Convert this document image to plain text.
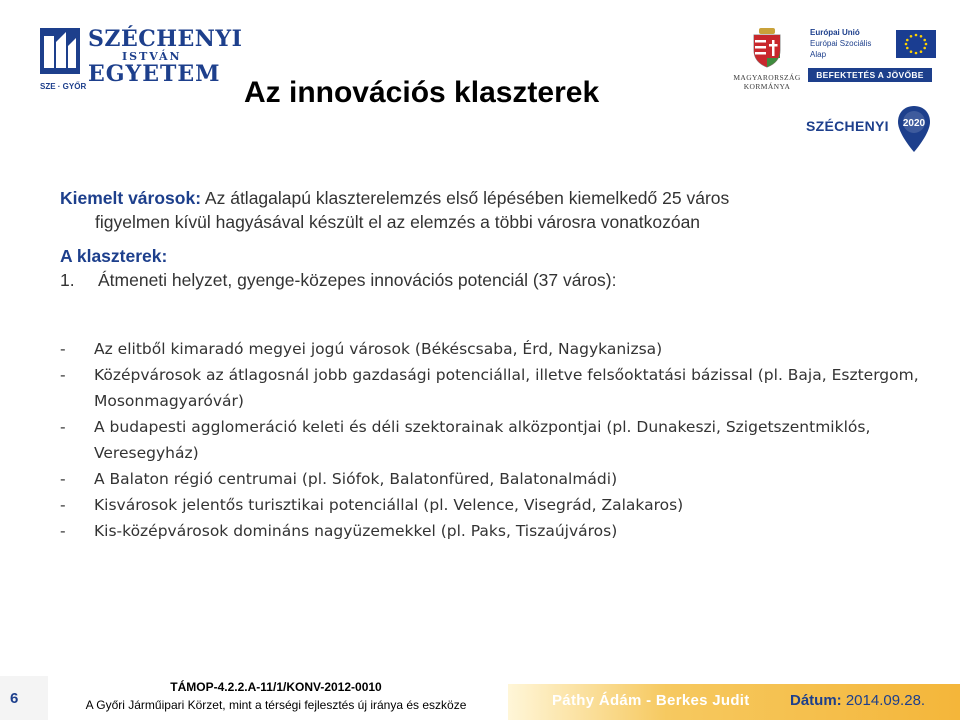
SZÉCHENYI
ISTVÁN
EGYETEM
SZE · GYŐR	Az innovációs klaszterek	MAGYARORSZÁG
KORMÁNYA
Európai Unió
Európai Szociális
Alap
BEFEKTETÉS A JÖVŐBE
SZÉCHENYI 2020
Kiemelt városok: Az átlagalapú klaszterelemzés első lépésében kiemelkedő 25 város
figyelmen kívül hagyásával készült el az elemzés a többi városra vonatkozóan
A klaszterek:
1.	Átmeneti helyzet, gyenge-közepes innovációs potenciál (37 város):
-	Az elitből kimaradó megyei jogú városok (Békéscsaba, Érd, Nagykanizsa)
-	Középvárosok az átlagosnál jobb gazdasági potenciállal, illetve felsőoktatási bázissal (pl. Baja, Esztergom, Mosonmagyaróvár)
-	A budapesti agglomeráció keleti és déli szektorainak alközpontjai (pl. Dunakeszi, Szigetszentmiklós, Veresegyház)
-	A Balaton régió centrumai (pl. Siófok, Balatonfüred, Balatonalmádi)
-	Kisvárosok jelentős turisztikai potenciállal (pl. Velence, Visegrád, Zalakaros)
-	Kis-középvárosok domináns nagyüzemekkel (pl. Paks, Tiszaújváros)
6
TÁMOP-4.2.2.A-11/1/KONV-2012-0010
A Győri Járműipari Körzet, mint a térségi fejlesztés új iránya és eszköze	Páthy Ádám - Berkes Judit	Dátum: 2014.09.28.
